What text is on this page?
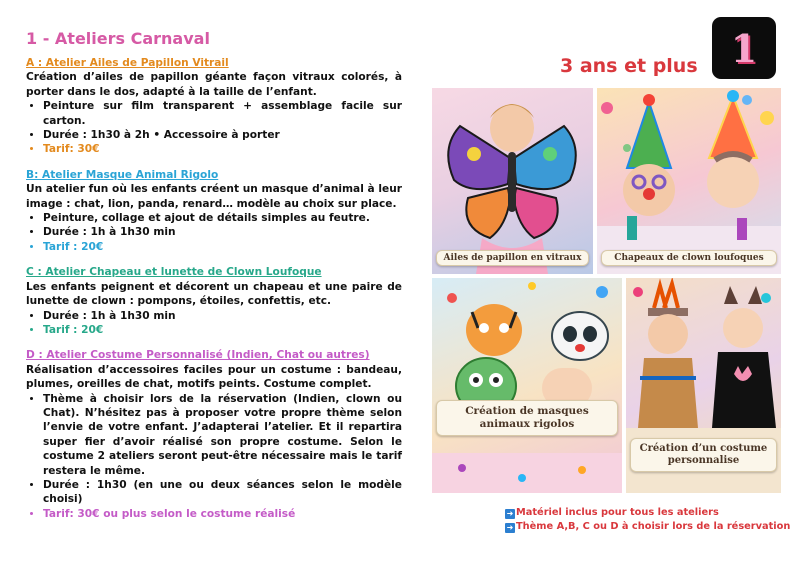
1 - Ateliers Carnaval
A : Atelier Ailes de Papillon Vitrail
Création d’ailes de papillon géante façon vitraux colorés, à porter dans le dos, adapté à la taille de l’enfant.
• Peinture sur film transparent + assemblage facile sur carton.
• Durée : 1h30 à 2h • Accessoire à porter
• Tarif: 30€
B: Atelier Masque Animal Rigolo
Un atelier fun où les enfants créent un masque d’animal à leur image : chat, lion, panda, renard… modèle au choix sur place.
• Peinture, collage et ajout de détails simples au feutre.
• Durée : 1h à 1h30 min
• Tarif : 20€
C : Atelier Chapeau et lunette de Clown Loufoque
Les enfants peignent et décorent un chapeau et une paire de lunette de clown : pompons, étoiles, confettis, etc.
• Durée : 1h à 1h30 min
• Tarif : 20€
D : Atelier Costume Personnalisé (Indien, Chat ou autres)
Réalisation d’accessoires faciles pour un costume : bandeau, plumes, oreilles de chat, motifs peints. Costume complet.
• Thème à choisir lors de la réservation (Indien, clown ou Chat). N’hésitez pas à proposer votre propre thème selon l’envie de votre enfant. J’adapterai l’atelier. Et il repartira super fier d’avoir réalisé son propre costume. Selon le costume 2 ateliers seront peut-être nécessaire mais le tarif restera le même.
• Durée : 1h30 (en une ou deux séances selon le modèle choisi)
• Tarif: 30€ ou plus selon le costume réalisé
3 ans et plus 1
Ailes de papillon en vitraux	Chapeaux de clown loufoques
Création de masques animaux rigolos
Création d’un costume personnalise
➜ Matériel inclus pour tous les ateliers
➜ Thème A,B, C ou D à choisir lors de la réservation
